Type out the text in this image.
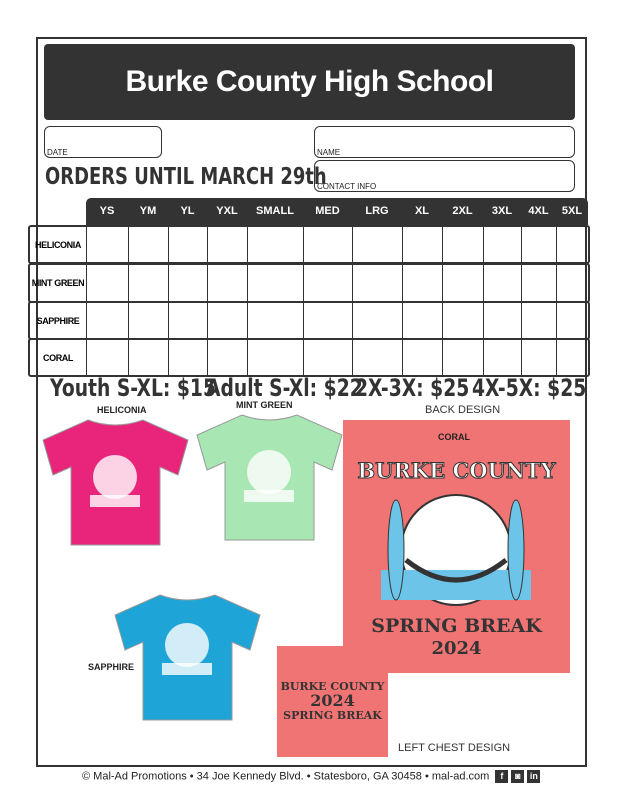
Burke County High School
DATE	NAME
CONTACT INFO
ORDERS UNTIL MARCH 29th
YS	YM	YL	YXL	SMALL	MED	LRG	XL	2XL	3XL	4XL	5XL
HELICONIA
MINT GREEN
SAPPHIRE
CORAL
Youth S-XL: $15
Adult S-Xl: $22
2X-3X: $25 4X-5X: $25
HELICONIA	MINT GREEN
SAPPHIRE
BACK DESIGN
CORAL
BURKE COUNTY
SPRING BREAK
2024
BURKE COUNTY
2024
SPRING BREAK
LEFT CHEST DESIGN
© Mal-Ad Promotions • 34 Joe Kennedy Blvd. • Statesboro, GA 30458 • mal-ad.com f ◙ in
